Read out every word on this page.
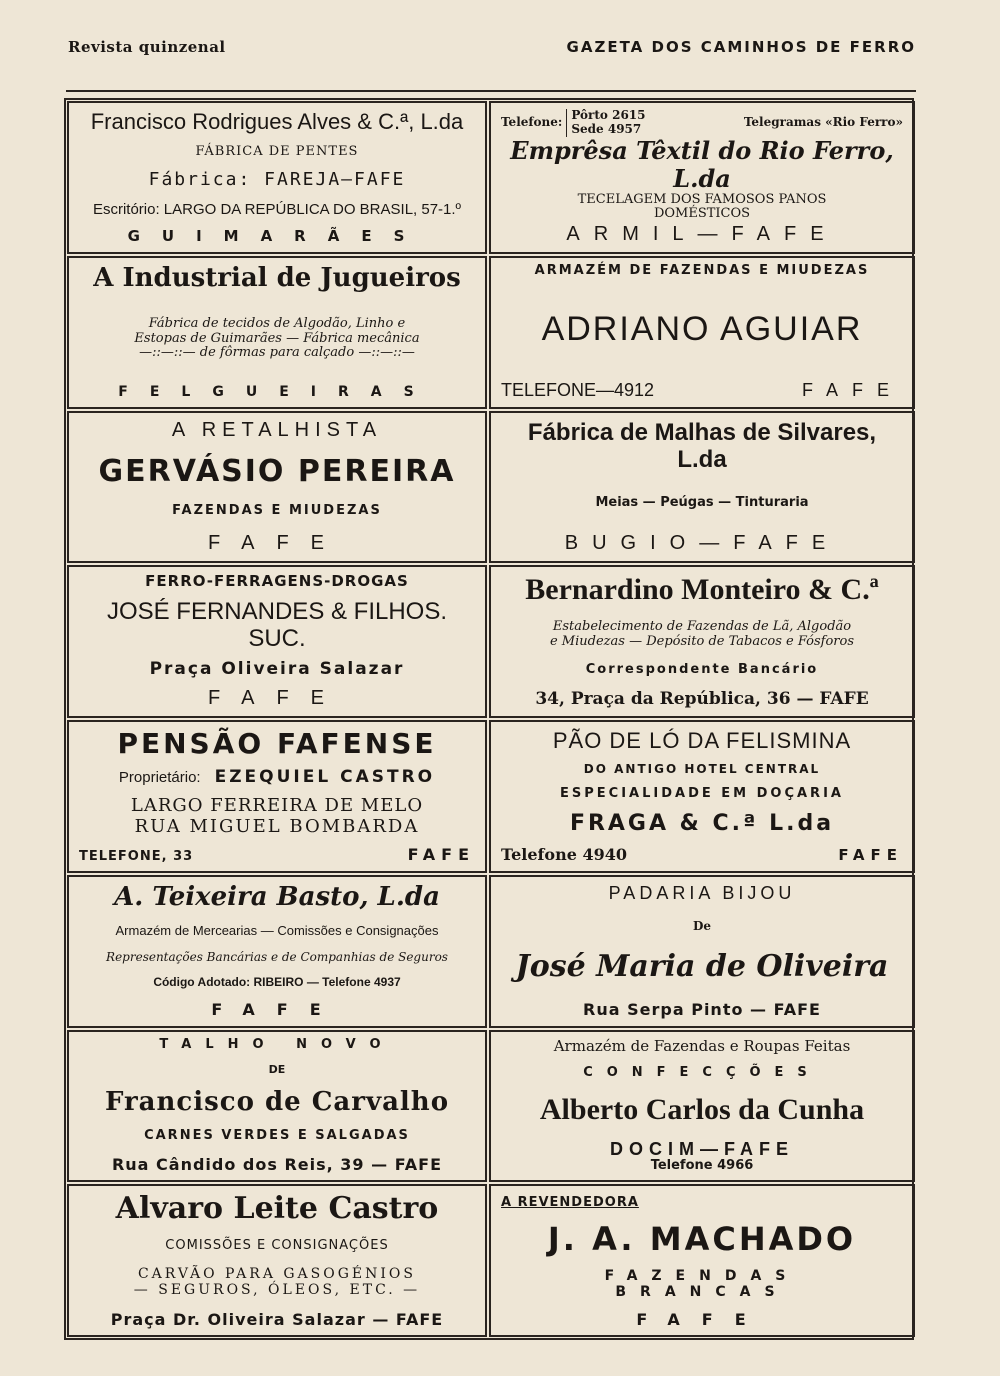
Revista quinzenal	GAZETA DOS CAMINHOS DE FERRO
Francisco Rodrigues Alves & C.ª, L.da
FÁBRICA DE PENTES
Fábrica: FAREJA—FAFE
Escritório: LARGO DA REPÚBLICA DO BRASIL, 57-1.º
GUIMARÃES
Telefone: Pôrto 2615
Sede 4957	Telegramas «Rio Ferro»
Emprêsa Têxtil do Rio Ferro, L.da
TECELAGEM DOS FAMOSOS PANOS
DOMÉSTICOS
ARMIL—FAFE
A Industrial de Jugueiros
Fábrica de tecidos de Algodão, Linho e
Estopas de Guimarães — Fábrica mecânica
—::—::— de fôrmas para calçado —::—::—
FELGUEIRAS
ARMAZÉM DE FAZENDAS E MIUDEZAS
ADRIANO AGUIAR
TELEFONE—4912	FAFE
A RETALHISTA
GERVÁSIO PEREIRA
FAZENDAS E MIUDEZAS
FAFE
Fábrica de Malhas de Silvares, L.da
Meias — Peúgas — Tinturaria
BUGIO—FAFE
FERRO-FERRAGENS-DROGAS
JOSÉ FERNANDES & FILHOS. SUC.
Praça Oliveira Salazar
FAFE
Bernardino Monteiro & C.ª
Estabelecimento de Fazendas de Lã, Algodão
e Miudezas — Depósito de Tabacos e Fósforos
Correspondente Bancário
34, Praça da República, 36 — FAFE
PENSÃO FAFENSE
Proprietário: EZEQUIEL CASTRO
LARGO FERREIRA DE MELO
RUA MIGUEL BOMBARDA
TELEFONE, 33	FAFE
PÃO DE LÓ DA FELISMINA
DO ANTIGO HOTEL CENTRAL
ESPECIALIDADE EM DOÇARIA
FRAGA & C.ª L.da
Telefone 4940	FAFE
A. Teixeira Basto, L.da
Armazém de Mercearias — Comissões e Consignações
Representações Bancárias e de Companhias de Seguros
Código Adotado: RIBEIRO — Telefone 4937
FAFE
PADARIA BIJOU
De
José Maria de Oliveira
Rua Serpa Pinto — FAFE
TALHO NOVO
DE
Francisco de Carvalho
CARNES VERDES E SALGADAS
Rua Cândido dos Reis, 39 — FAFE
Armazém de Fazendas e Roupas Feitas
CONFECÇÕES
Alberto Carlos da Cunha
DOCIM—FAFE
Telefone 4966
Alvaro Leite Castro
COMISSÕES E CONSIGNAÇÕES
CARVÃO PARA GASOGÉNIOS
— SEGUROS, ÓLEOS, ETC. —
Praça Dr. Oliveira Salazar — FAFE
A REVENDEDORA
J. A. MACHADO
FAZENDAS
BRANCAS
FAFE
